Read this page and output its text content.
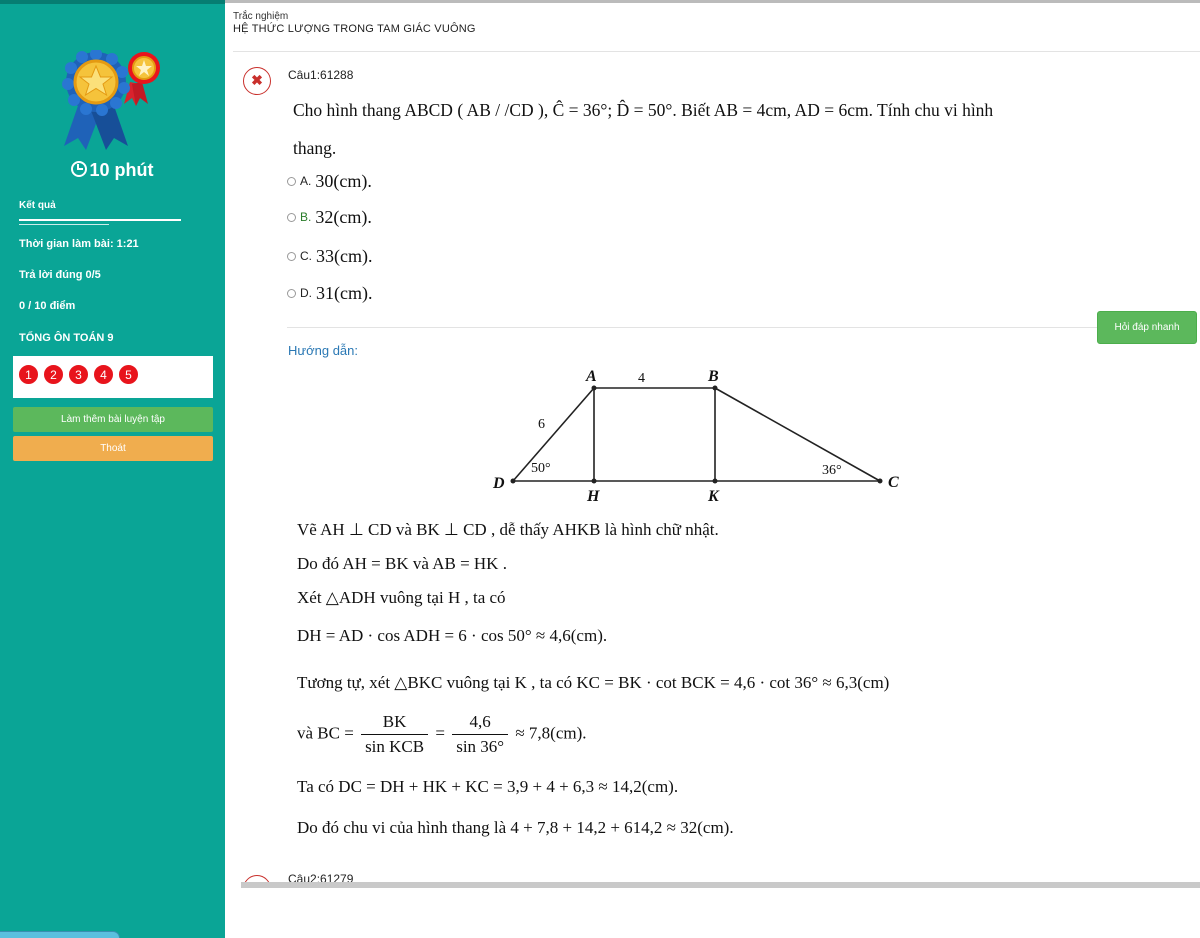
10 phút
Kết quả
Thời gian làm bài: 1:21
Trả lời đúng 0/5
0 / 10 điểm
TỔNG ÔN TOÁN 9
1	2	3	4	5
Làm thêm bài luyện tập
Thoát
Trắc nghiệm
HỆ THỨC LƯỢNG TRONG TAM GIÁC VUÔNG
✖	Câu1:61288
Cho hình thang ABCD ( AB / /CD ), Ĉ = 36°; D̂ = 50°. Biết AB = 4cm, AD = 6cm. Tính chu vi hình
thang.
A. 30(cm).
B. 32(cm).
C. 33(cm).
D. 31(cm).
Hỏi đáp nhanh
Hướng dẫn:
A	B
C
D
H	K
4
6
50°	36°
Vẽ AH ⊥ CD và BK ⊥ CD , dễ thấy AHKB là hình chữ nhật.
Do đó AH = BK và AB = HK .
Xét △ADH vuông tại H , ta có
DH = AD · cos ADH = 6 · cos 50° ≈ 4,6(cm).
Tương tự, xét △BKC vuông tại K , ta có KC = BK · cot BCK = 4,6 · cot 36° ≈ 6,3(cm)
và BC = $\frac{BK}{\text{sin KCB}} = \frac{4,6}{\sin 36^\circ} \approx 7,8(cm)$.
Ta có DC = DH + HK + KC = 3,9 + 4 + 6,3 ≈ 14,2(cm).
Do đó chu vi của hình thang là 4 + 7,8 + 14,2 + 614,2 ≈ 32(cm).
Câu2:61279
